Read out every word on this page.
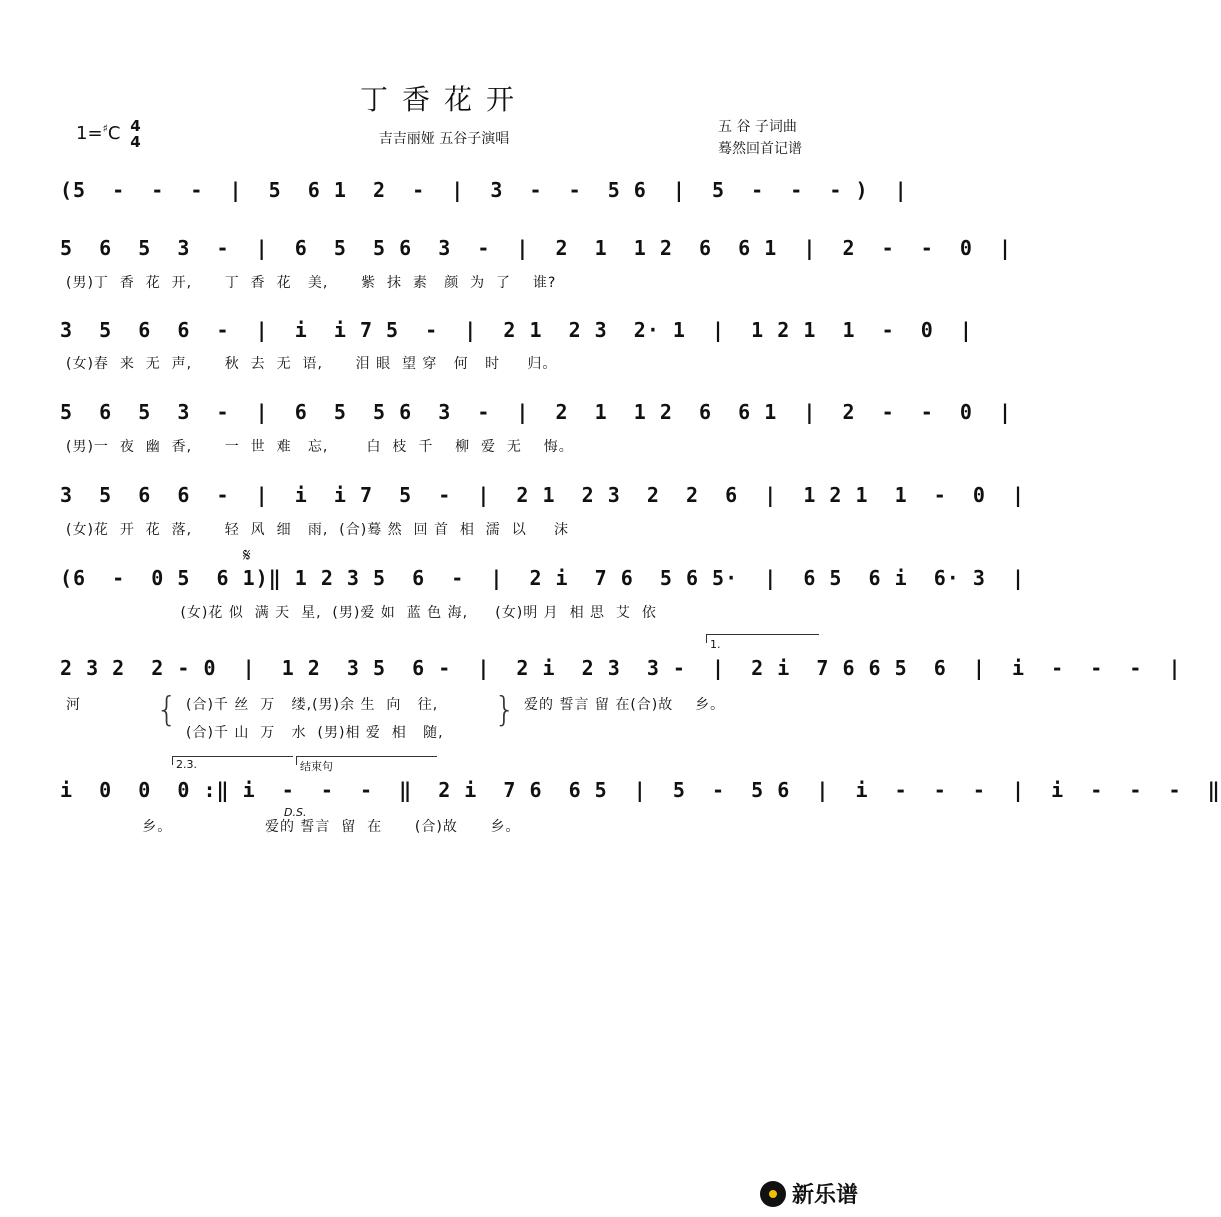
丁香花开
1=♯C 4
4	吉吉丽娅 五谷子演唱
五 谷 子词曲
蓦然回首记谱
(5  -  -  -  |  5  6 1  2  -  |  3  -  -  5 6  |  5  -  -  - )  |
5  6  5  3  -  |  6  5  5 6  3  -  |  2  1  1 2  6  6 1  |  2  -  -  0  |
(男)丁  香  花  开,      丁  香  花   美,      紫  抹  素   颜  为  了    谁?
3  5  6  6  -  |  i  i 7 5  -  |  2 1  2 3  2· 1  |  1 2 1  1  -  0  |
(女)春  来  无  声,      秋  去  无  语,      泪 眼  望 穿   何   时     归。
5  6  5  3  -  |  6  5  5 6  3  -  |  2  1  1 2  6  6 1  |  2  -  -  0  |
(男)一  夜  幽  香,      一  世  难   忘,       白  枝  千    柳  爱  无    悔。
3  5  6  6  -  |  i  i 7  5  -  |  2 1  2 3  2  2  6  |  1 2 1  1  -  0  |
(女)花  开  花  落,      轻  风  细   雨,  (合)蓦 然  回 首  相  濡  以     沫
𝄋
(6  -  0 5  6 1)‖ 1 2 3 5  6  -  |  2 i  7 6  5 6 5·  |  6 5  6 i  6· 3  |
(女)花 似  满 天  星,  (男)爱 如  蓝 色 海,     (女)明 月  相 思  艾  依
1.
2 3 2  2 - 0  |  1 2  3 5  6 -  |  2 i  2 3  3 -  |  2 i  7 6 6 5  6  |  i  -  -  -  |
河 { (合)千 丝  万   缕,(男)余 生  向   往,
(合)千 山  万   水  (男)相 爱  相   随,
} 爱的 誓言 留 在(合)故    乡。
2.3.	结束句
i  0  0  0 :‖ i  -  -  -  ‖  2 i  7 6  6 5  |  5  -  5 6  |  i  -  -  -  |  i  -  -  -  ‖
D.S.
乡。                 爱的 誓言  留  在      (合)故      乡。
新乐谱
